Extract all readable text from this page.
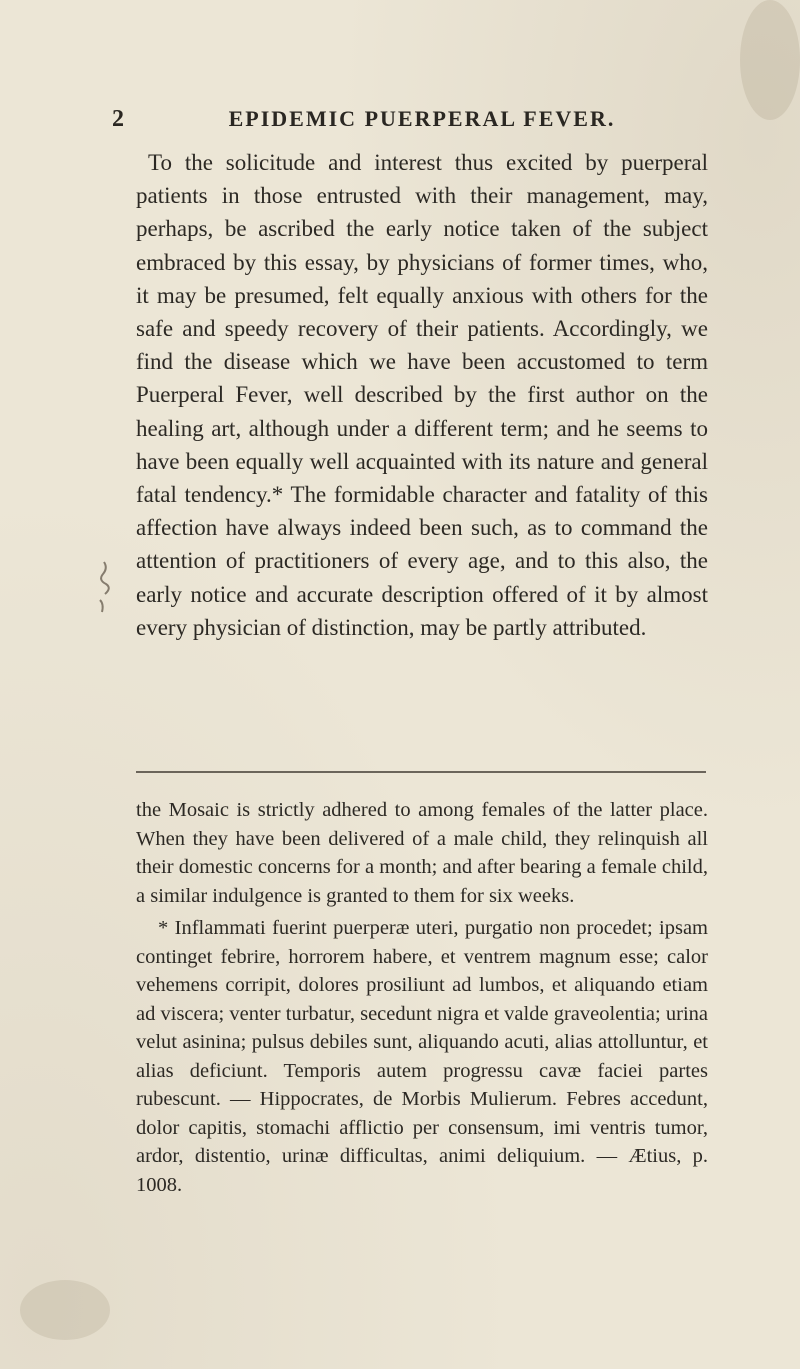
2	EPIDEMIC PUERPERAL FEVER.

To the solicitude and interest thus excited by puerperal patients in those entrusted with their management, may, perhaps, be ascribed the early notice taken of the subject embraced by this essay, by physicians of former times, who, it may be presumed, felt equally anxious with others for the safe and speedy recovery of their patients. Accordingly, we find the disease which we have been accustomed to term Puerperal Fever, well described by the first author on the healing art, although under a different term; and he seems to have been equally well acquainted with its nature and general fatal tendency.* The formidable character and fatality of this affection have always indeed been such, as to command the attention of practitioners of every age, and to this also, the early notice and accurate description offered of it by almost every physician of distinction, may be partly attributed.

the Mosaic is strictly adhered to among females of the latter place. When they have been delivered of a male child, they relinquish all their domestic concerns for a month; and after bearing a female child, a similar indulgence is granted to them for six weeks.

* Inflammati fuerint puerperæ uteri, purgatio non procedet; ipsam continget febrire, horrorem habere, et ventrem magnum esse; calor vehemens corripit, dolores prosiliunt ad lumbos, et aliquando etiam ad viscera; venter turbatur, secedunt nigra et valde graveolentia; urina velut asinina; pulsus debiles sunt, aliquando acuti, alias attolluntur, et alias deficiunt. Temporis autem progressu cavæ faciei partes rubescunt. — Hippocrates, de Morbis Mulierum. Febres accedunt, dolor capitis, stomachi afflictio per consensum, imi ventris tumor, ardor, distentio, urinæ difficultas, animi deliquium. — Ætius, p. 1008.
